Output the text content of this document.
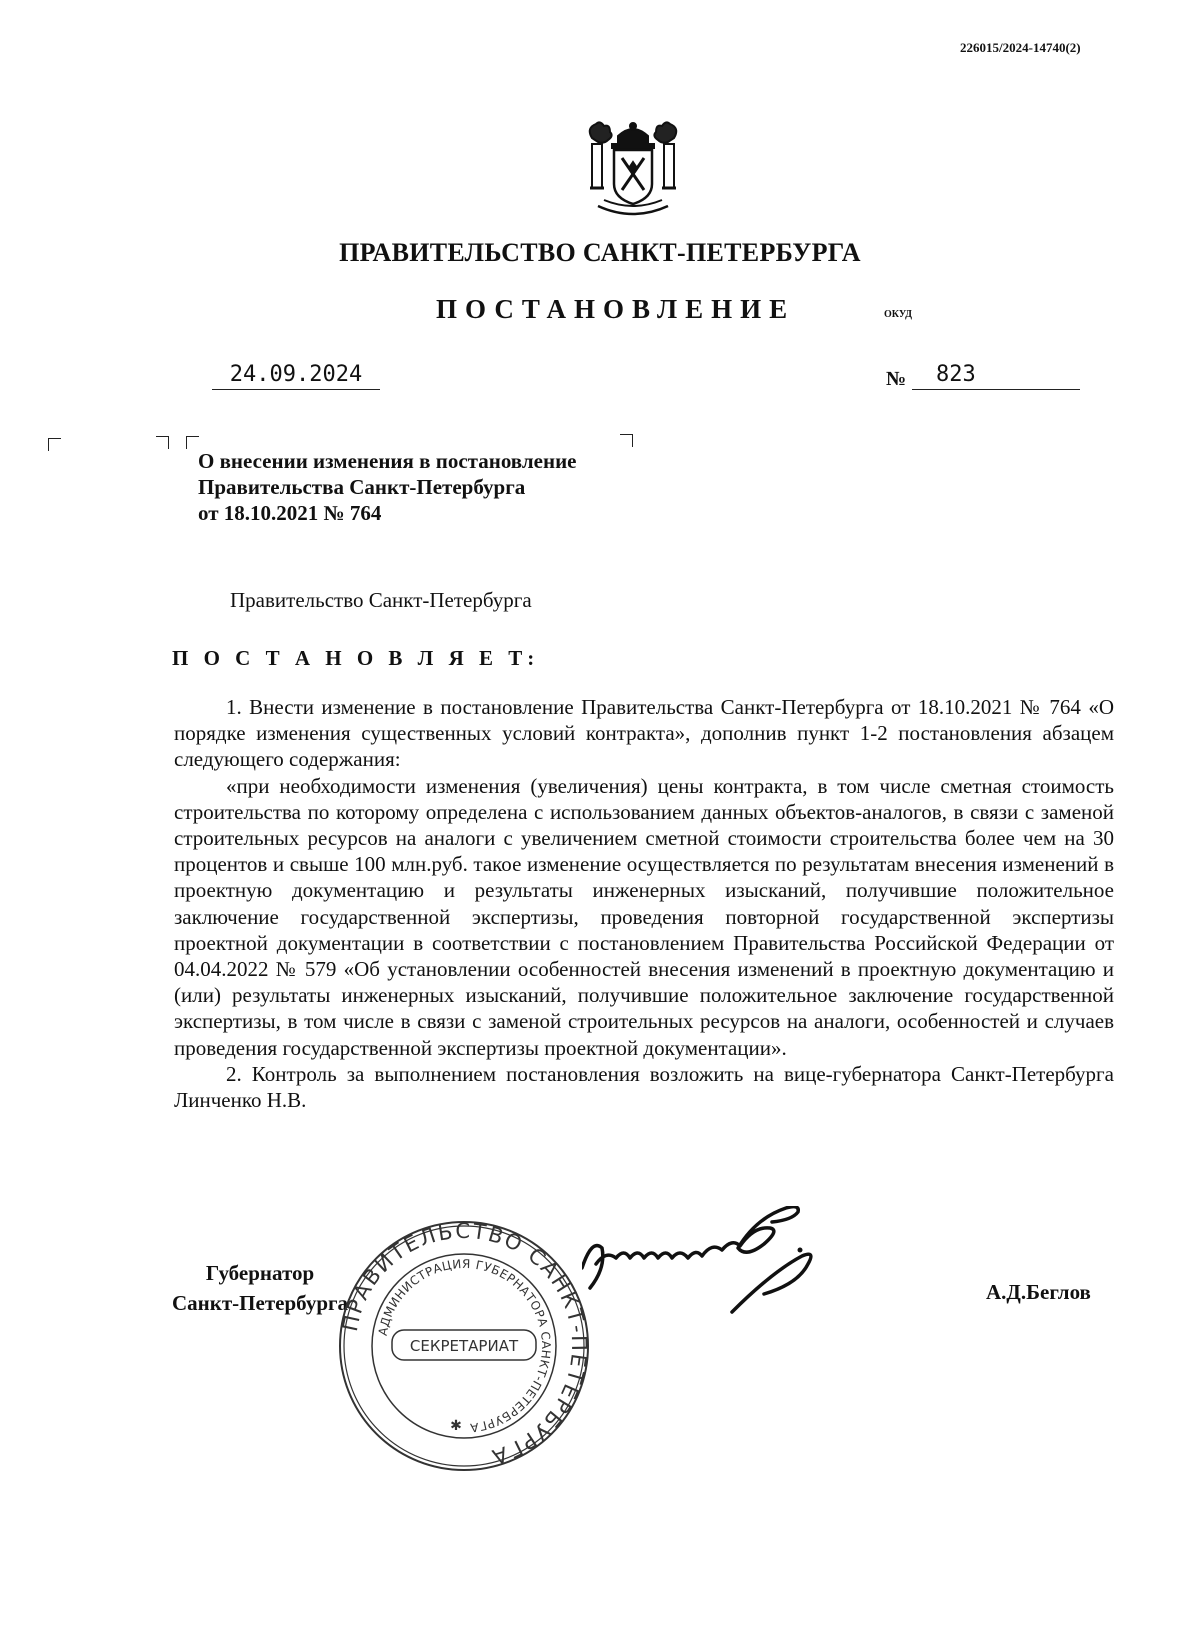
226015/2024-14740(2)
ПРАВИТЕЛЬСТВО САНКТ-ПЕТЕРБУРГА
ПОСТАНОВЛЕНИЕ	ОКУД
24.09.2024	№	823
О внесении изменения в постановление
Правительства Санкт-Петербурга
от 18.10.2021 № 764
Правительство Санкт-Петербурга
П О С Т А Н О В Л Я Е Т:
1. Внести изменение в постановление Правительства Санкт-Петербурга от 18.10.2021 № 764 «О порядке изменения существенных условий контракта», дополнив пункт 1-2 постановления абзацем следующего содержания:
«при необходимости изменения (увеличения) цены контракта, в том числе сметная стоимость строительства по которому определена с использованием данных объектов-аналогов, в связи с заменой строительных ресурсов на аналоги с увеличением сметной стоимости строительства более чем на 30 процентов и свыше 100 млн.руб. такое изменение осуществляется по результатам внесения изменений в проектную документацию и результаты инженерных изысканий, получившие положительное заключение государственной экспертизы, проведения повторной государственной экспертизы проектной документации в соответствии с постановлением Правительства Российской Федерации от 04.04.2022 № 579 «Об установлении особенностей внесения изменений в проектную документацию и (или) результаты инженерных изысканий, получившие положительное заключение государственной экспертизы, в том числе в связи с заменой строительных ресурсов на аналоги, особенностей и случаев проведения государственной экспертизы проектной документации».
2. Контроль за выполнением постановления возложить на вице-губернатора Санкт-Петербурга Линченко Н.В.
Губернатор
Санкт-Петербурга
ПРАВИТЕЛЬСТВО САНКТ-ПЕТЕРБУРГА
АДМИНИСТРАЦИЯ ГУБЕРНАТОРА САНКТ-ПЕТЕРБУРГА
СЕКРЕТАРИАТ
✱
А.Д.Беглов
